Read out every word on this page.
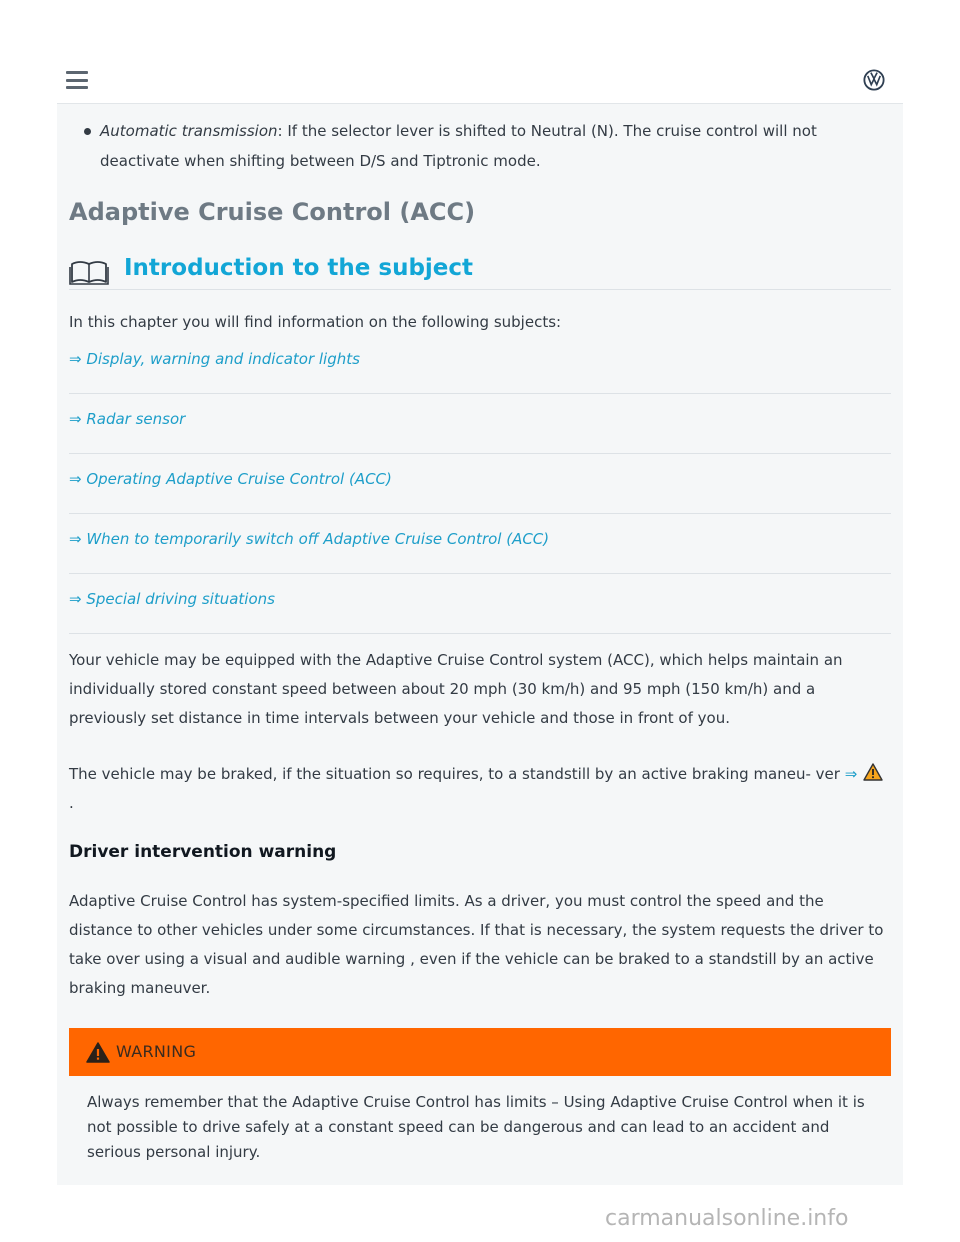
Automatic transmission: If the selector lever is shifted to Neutral (N). The cruise control will not deactivate when shifting between D/S and Tiptronic mode.
Adaptive Cruise Control (ACC)
Introduction to the subject

In this chapter you will find information on the following subjects:

⇒ Display, warning and indicator lights
⇒ Radar sensor
⇒ Operating Adaptive Cruise Control (ACC)
⇒ When to temporarily switch off Adaptive Cruise Control (ACC)
⇒ Special driving situations

Your vehicle may be equipped with the Adaptive Cruise Control system (ACC), which helps maintain an individually stored constant speed between about 20 mph (30 km/h) and 95 mph (150 km/h) and a previously set distance in time intervals between your vehicle and those in front of you.

The vehicle may be braked, if the situation so requires, to a standstill by an active braking maneu- ver ⇒.

Driver intervention warning

Adaptive Cruise Control has system-specified limits. As a driver, you must control the speed and the distance to other vehicles under some circumstances. If that is necessary, the system requests the driver to take over using a visual and audible warning , even if the vehicle can be braked to a standstill by an active braking maneuver.

WARNING

Always remember that the Adaptive Cruise Control has limits – Using Adaptive Cruise Control when it is not possible to drive safely at a constant speed can be dangerous and can lead to an accident and serious personal injury.

carmanualsonline.info
